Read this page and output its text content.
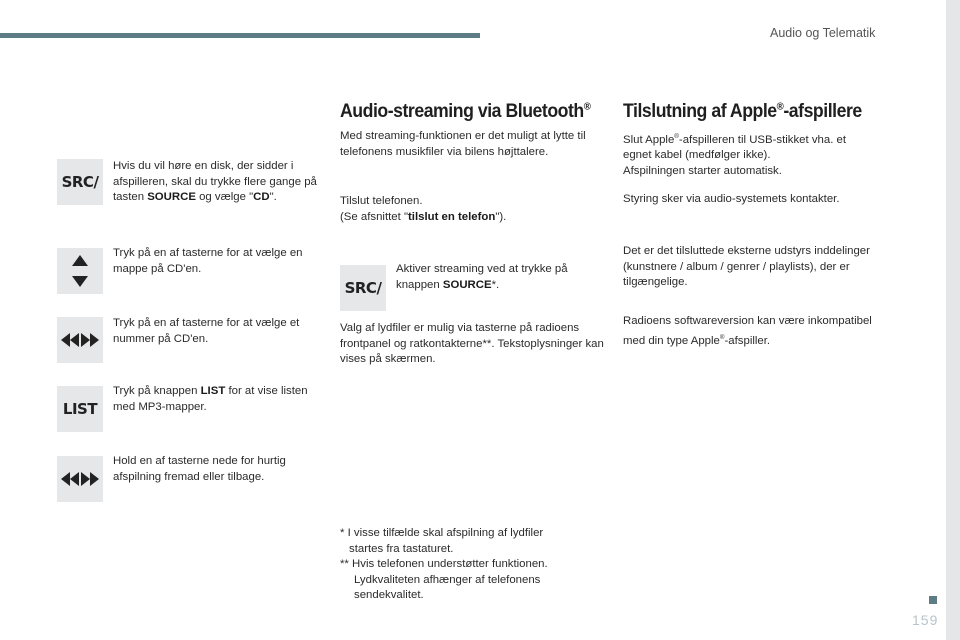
Audio og Telematik
159
SRC/

Hvis du vil høre en disk, der sidder i afspilleren, skal du trykke flere gange på tasten SOURCE og vælge "CD".

Tryk på en af tasterne for at vælge en mappe på CD'en.

Tryk på en af tasterne for at vælge et nummer på CD'en.

LIST

Tryk på knappen LIST for at vise listen med MP3-mapper.

Hold en af tasterne nede for hurtig afspilning fremad eller tilbage.

Audio-streaming via Bluetooth®

Med streaming-funktionen er det muligt at lytte til telefonens musikfiler via bilens højttalere.

Tilslut telefonen.
(Se afsnittet "tilslut en telefon").

SRC/

Aktiver streaming ved at trykke på knappen SOURCE*.

Valg af lydfiler er mulig via tasterne på radioens frontpanel og ratkontakterne**. Tekstoplysninger kan vises på skærmen.

* I visse tilfælde skal afspilning af lydfiler
startes fra tastaturet.
** Hvis telefonen understøtter funktionen.
Lydkvaliteten afhænger af telefonens
sendekvalitet.
Tilslutning af Apple®-afspillere

Slut Apple®-afspilleren til USB-stikket vha. et egnet kabel (medfølger ikke).
Afspilningen starter automatisk.

Styring sker via audio-systemets kontakter.

Det er det tilsluttede eksterne udstyrs inddelinger (kunstnere / album / genrer / playlists), der er tilgængelige.

Radioens softwareversion kan være inkompatibel med din type Apple®-afspiller.
